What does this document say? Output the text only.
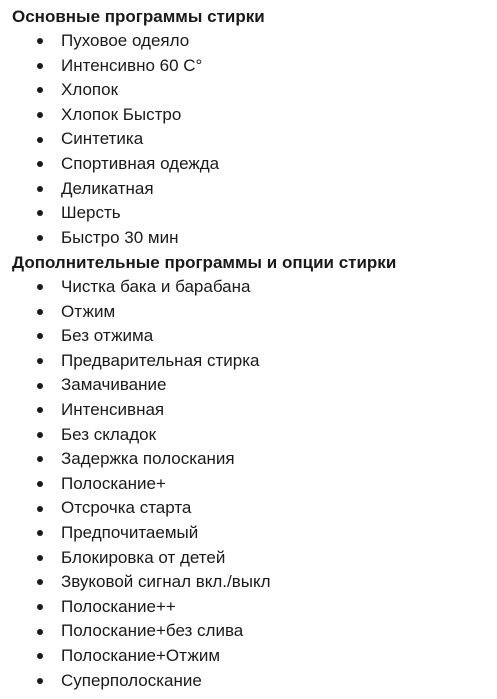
Основные программы стирки
Пуховое одеяло
Интенсивно 60 С°
Хлопок
Хлопок Быстро
Синтетика
Спортивная одежда
Деликатная
Шерсть
Быстро 30 мин
Дополнительные программы и опции стирки
Чистка бака и барабана
Отжим
Без отжима
Предварительная стирка
Замачивание
Интенсивная
Без складок
Задержка полоскания
Полоскание+
Отсрочка старта
Предпочитаемый
Блокировка от детей
Звуковой сигнал вкл./выкл
Полоскание++
Полоскание+без слива
Полоскание+Отжим
Суперполоскание
